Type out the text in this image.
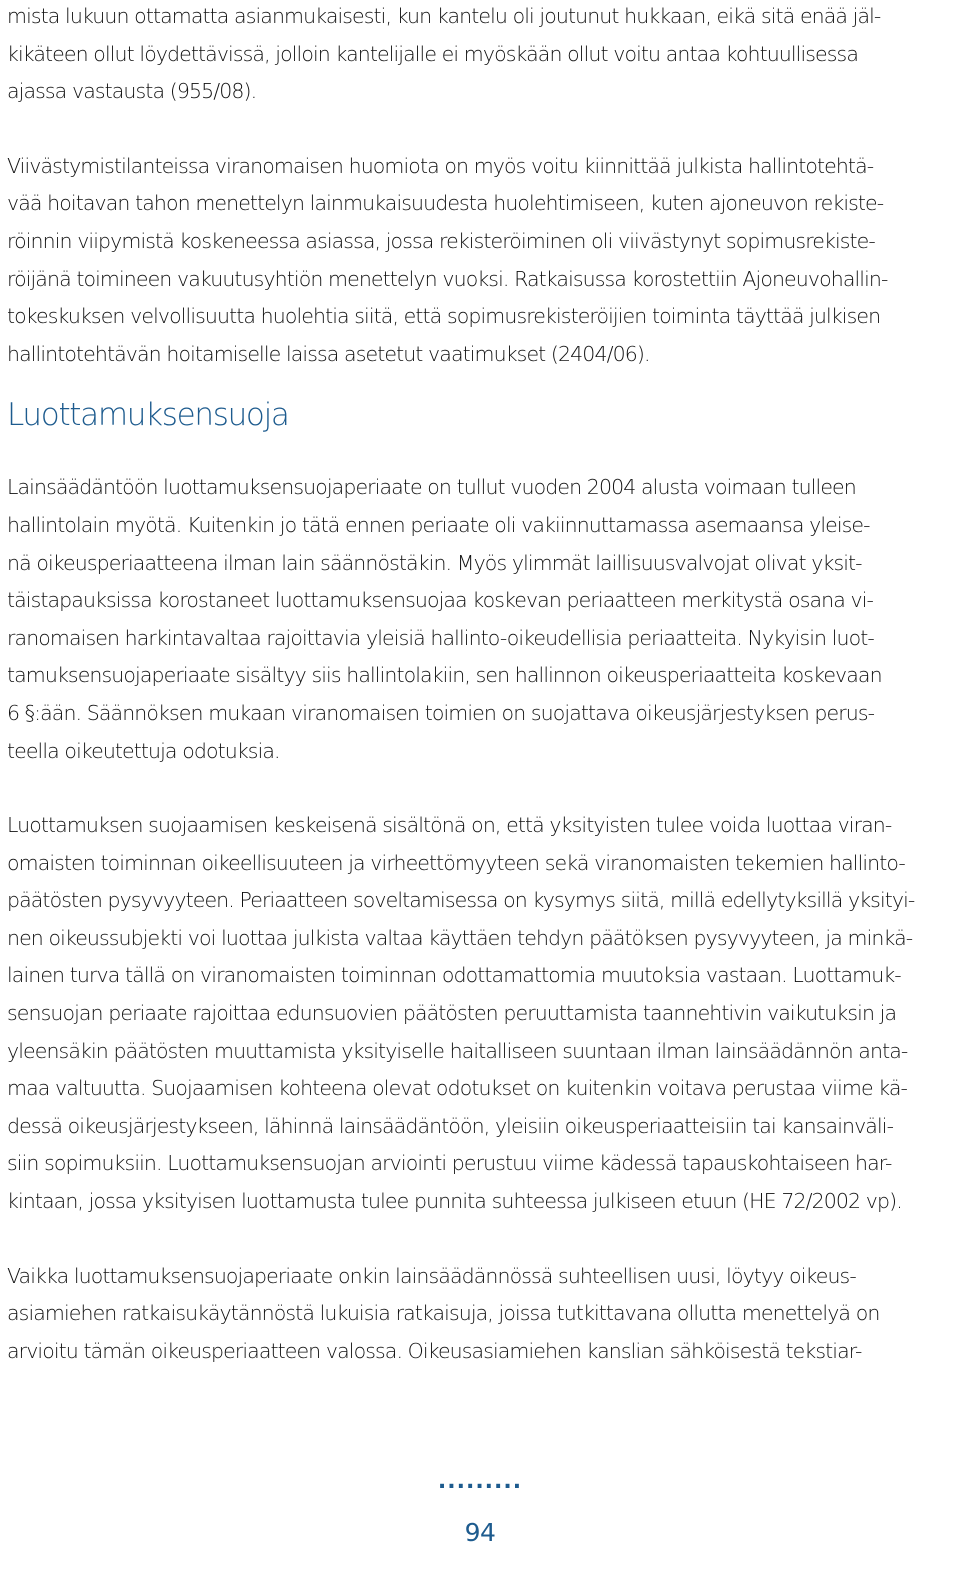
mista lukuun ottamatta asianmukaisesti, kun kantelu oli joutunut hukkaan, eikä sitä enää jäl-
kikäteen ollut löydettävissä, jolloin kantelijalle ei myöskään ollut voitu antaa kohtuullisessa
ajassa vastausta (955/08).
Viivästymistilanteissa viranomaisen huomiota on myös voitu kiinnittää julkista hallintotehtä-
vää hoitavan tahon menettelyn lainmukaisuudesta huolehtimiseen, kuten ajoneuvon rekiste-
röinnin viipymistä koskeneessa asiassa, jossa rekisteröiminen oli viivästynyt sopimusrekiste-
röijänä toimineen vakuutusyhtiön menettelyn vuoksi. Ratkaisussa korostettiin Ajoneuvohallin-
tokeskuksen velvollisuutta huolehtia siitä, että sopimusrekisteröijien toiminta täyttää julkisen
hallintotehtävän hoitamiselle laissa asetetut vaatimukset (2404/06).
Luottamuksensuoja
Lainsäädäntöön luottamuksensuojaperiaate on tullut vuoden 2004 alusta voimaan tulleen
hallintolain myötä. Kuitenkin jo tätä ennen periaate oli vakiinnuttamassa asemaansa yleise-
nä oikeusperiaatteena ilman lain säännöstäkin. Myös ylimmät laillisuusvalvojat olivat yksit-
täistapauksissa korostaneet luottamuksensuojaa koskevan periaatteen merkitystä osana vi-
ranomaisen harkintavaltaa rajoittavia yleisiä hallinto-oikeudellisia periaatteita. Nykyisin luot-
tamuksensuojaperiaate sisältyy siis hallintolakiin, sen hallinnon oikeusperiaatteita koskevaan
6 §:ään. Säännöksen mukaan viranomaisen toimien on suojattava oikeusjärjestyksen perus-
teella oikeutettuja odotuksia.
Luottamuksen suojaamisen keskeisenä sisältönä on, että yksityisten tulee voida luottaa viran-
omaisten toiminnan oikeellisuuteen ja virheettömyyteen sekä viranomaisten tekemien hallinto-
päätösten pysyvyyteen. Periaatteen soveltamisessa on kysymys siitä, millä edellytyksillä yksityi-
nen oikeussubjekti voi luottaa julkista valtaa käyttäen tehdyn päätöksen pysyvyyteen, ja minkä-
lainen turva tällä on viranomaisten toiminnan odottamattomia muutoksia vastaan. Luottamuk-
sensuojan periaate rajoittaa edunsuovien päätösten peruuttamista taannehtivin vaikutuksin ja
yleensäkin päätösten muuttamista yksityiselle haitalliseen suuntaan ilman lainsäädännön anta-
maa valtuutta. Suojaamisen kohteena olevat odotukset on kuitenkin voitava perustaa viime kä-
dessä oikeusjärjestykseen, lähinnä lainsäädäntöön, yleisiin oikeusperiaatteisiin tai kansainväli-
siin sopimuksiin. Luottamuksensuojan arviointi perustuu viime kädessä tapauskohtaiseen har-
kintaan, jossa yksityisen luottamusta tulee punnita suhteessa julkiseen etuun (HE 72/2002 vp).
Vaikka luottamuksensuojaperiaate onkin lainsäädännössä suhteellisen uusi, löytyy oikeus-
asiamiehen ratkaisukäytännöstä lukuisia ratkaisuja, joissa tutkittavana ollutta menettelyä on
arvioitu tämän oikeusperiaatteen valossa. Oikeusasiamiehen kanslian sähköisestä tekstiar-
.........
94
